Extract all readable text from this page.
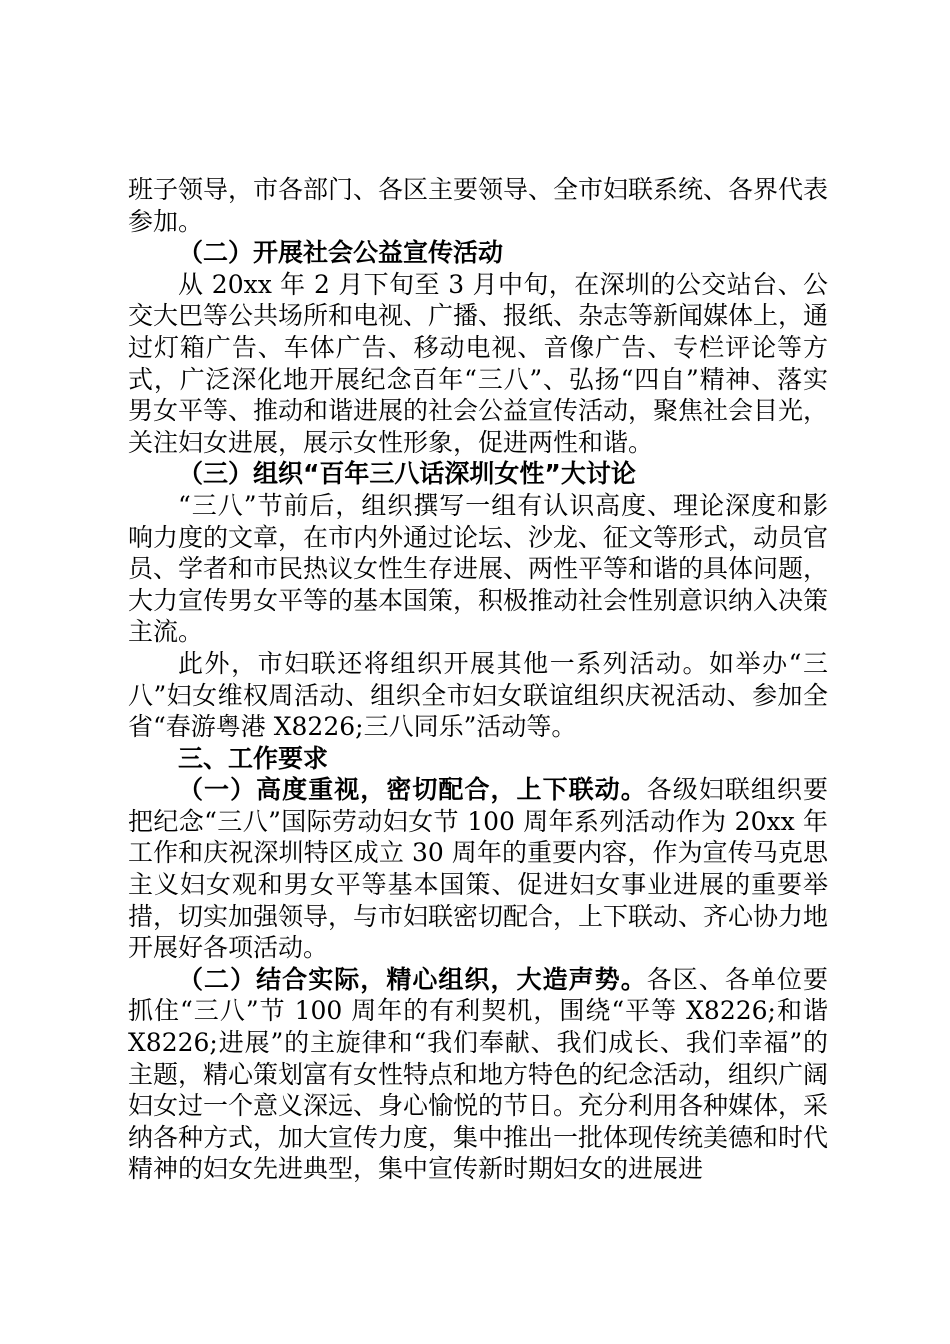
班子领导，市各部门、各区主要领导、全市妇联系统、各界代表参加。

（二）开展社会公益宣传活动

从 20xx 年 2 月下旬至 3 月中旬，在深圳的公交站台、公交大巴等公共场所和电视、广播、报纸、杂志等新闻媒体上，通过灯箱广告、车体广告、移动电视、音像广告、专栏评论等方式，广泛深化地开展纪念百年“三八”、弘扬“四自”精神、落实男女平等、推动和谐进展的社会公益宣传活动，聚焦社会目光，关注妇女进展，展示女性形象，促进两性和谐。

（三）组织“百年三八话深圳女性”大讨论

“三八”节前后，组织撰写一组有认识高度、理论深度和影响力度的文章，在市内外通过论坛、沙龙、征文等形式，动员官员、学者和市民热议女性生存进展、两性平等和谐的具体问题，大力宣传男女平等的基本国策，积极推动社会性别意识纳入决策主流。

此外，市妇联还将组织开展其他一系列活动。如举办“三八”妇女维权周活动、组织全市妇女联谊组织庆祝活动、参加全省“春游粤港 X8226;三八同乐”活动等。

三、工作要求

（一）高度重视，密切配合，上下联动。各级妇联组织要把纪念“三八”国际劳动妇女节 100 周年系列活动作为 20xx 年工作和庆祝深圳特区成立 30 周年的重要内容，作为宣传马克思主义妇女观和男女平等基本国策、促进妇女事业进展的重要举措，切实加强领导，与市妇联密切配合，上下联动、齐心协力地开展好各项活动。

（二）结合实际，精心组织，大造声势。各区、各单位要抓住“三八”节 100 周年的有利契机，围绕“平等 X8226;和谐 X8226;进展”的主旋律和“我们奉献、我们成长、我们幸福”的主题，精心策划富有女性特点和地方特色的纪念活动，组织广阔妇女过一个意义深远、身心愉悦的节日。充分利用各种媒体，采纳各种方式，加大宣传力度，集中推出一批体现传统美德和时代精神的妇女先进典型，集中宣传新时期妇女的进展进
